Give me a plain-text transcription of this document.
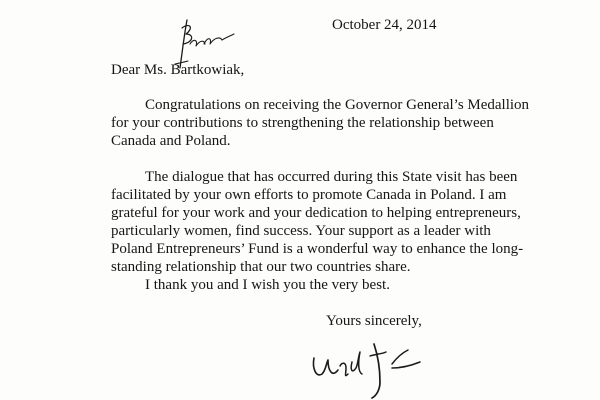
October 24, 2014
Dear Ms. Bartkowiak,

Congratulations on receiving the Governor General’s Medallion
for your contributions to strengthening the relationship between
Canada and Poland.

The dialogue that has occurred during this State visit has been
facilitated by your own efforts to promote Canada in Poland. I am
grateful for your work and your dedication to helping entrepreneurs,
particularly women, find success. Your support as a leader with
Poland Entrepreneurs’ Fund is a wonderful way to enhance the long-
standing relationship that our two countries share.

I thank you and I wish you the very best.

Yours sincerely,
